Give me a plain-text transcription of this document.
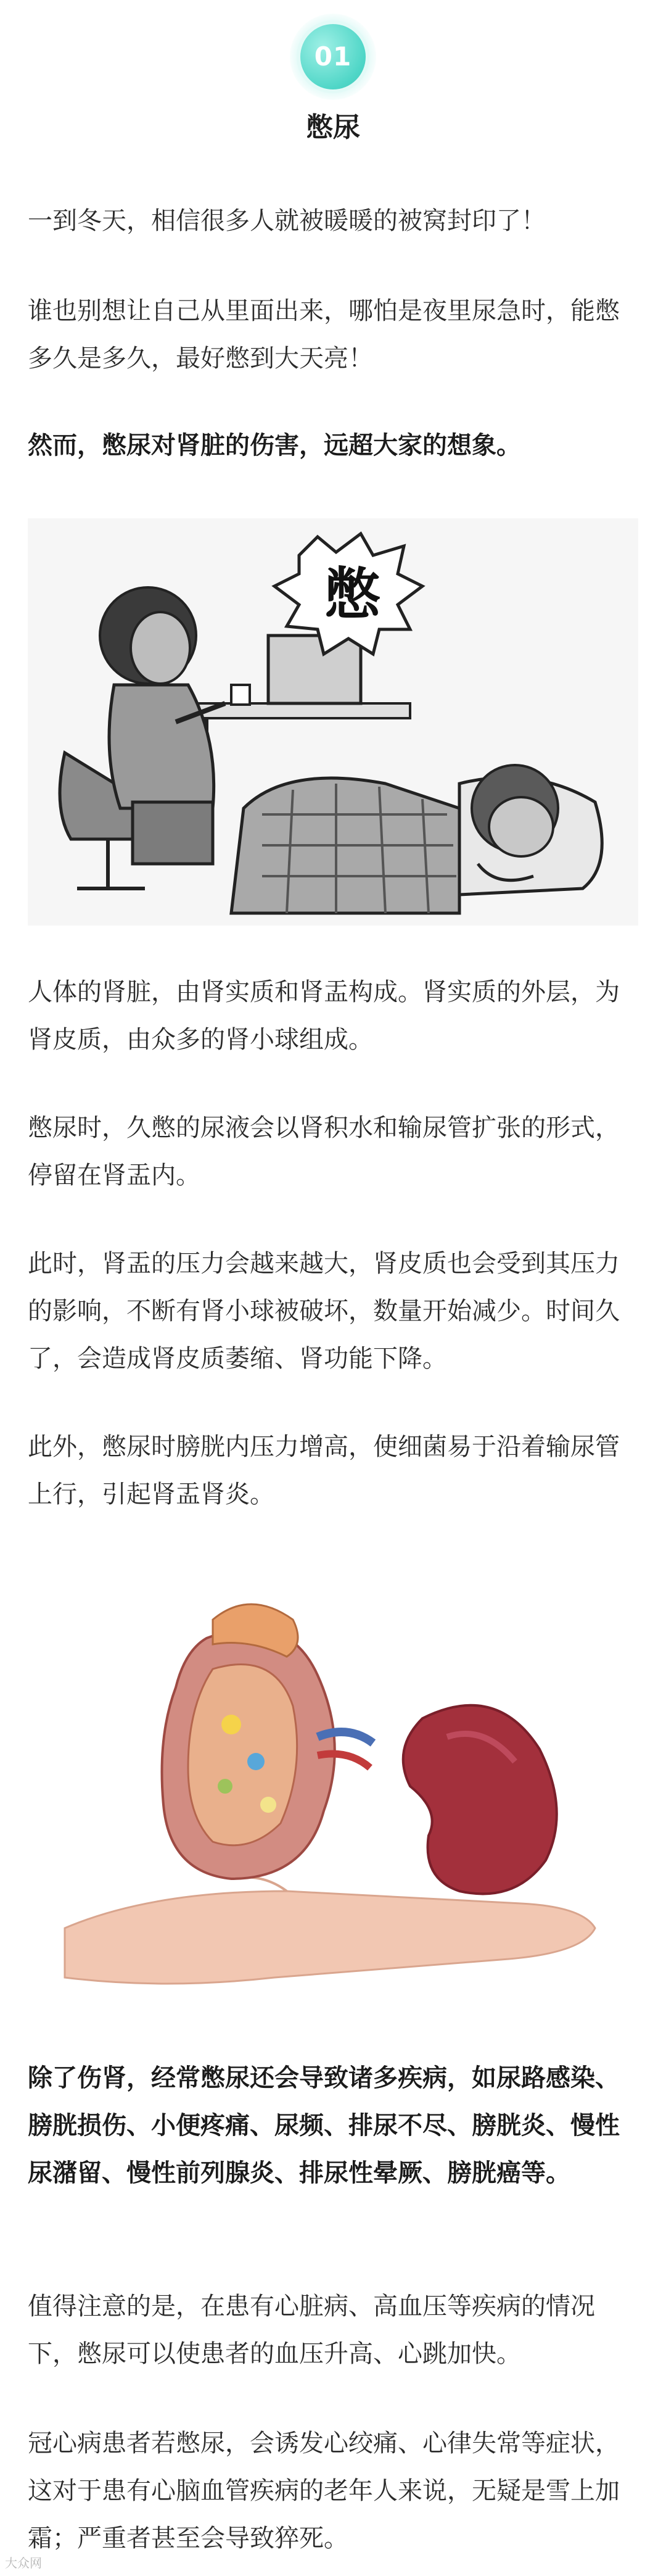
01
憋尿

一到冬天，相信很多人就被暖暖的被窝封印了！

谁也别想让自己从里面出来，哪怕是夜里尿急时，能憋多久是多久，最好憋到大天亮！

然而，憋尿对肾脏的伤害，远超大家的想象。

憋

人体的肾脏，由肾实质和肾盂构成。肾实质的外层，为肾皮质，由众多的肾小球组成。

憋尿时，久憋的尿液会以肾积水和输尿管扩张的形式，停留在肾盂内。

此时，肾盂的压力会越来越大，肾皮质也会受到其压力的影响，不断有肾小球被破坏，数量开始减少。时间久了，会造成肾皮质萎缩、肾功能下降。

此外，憋尿时膀胱内压力增高，使细菌易于沿着输尿管上行，引起肾盂肾炎。

除了伤肾，经常憋尿还会导致诸多疾病，如尿路感染、膀胱损伤、小便疼痛、尿频、排尿不尽、膀胱炎、慢性尿潴留、慢性前列腺炎、排尿性晕厥、膀胱癌等。

值得注意的是，在患有心脏病、高血压等疾病的情况下，憋尿可以使患者的血压升高、心跳加快。

冠心病患者若憋尿，会诱发心绞痛、心律失常等症状，这对于患有心脑血管疾病的老年人来说，无疑是雪上加霜；严重者甚至会导致猝死。

大众网
